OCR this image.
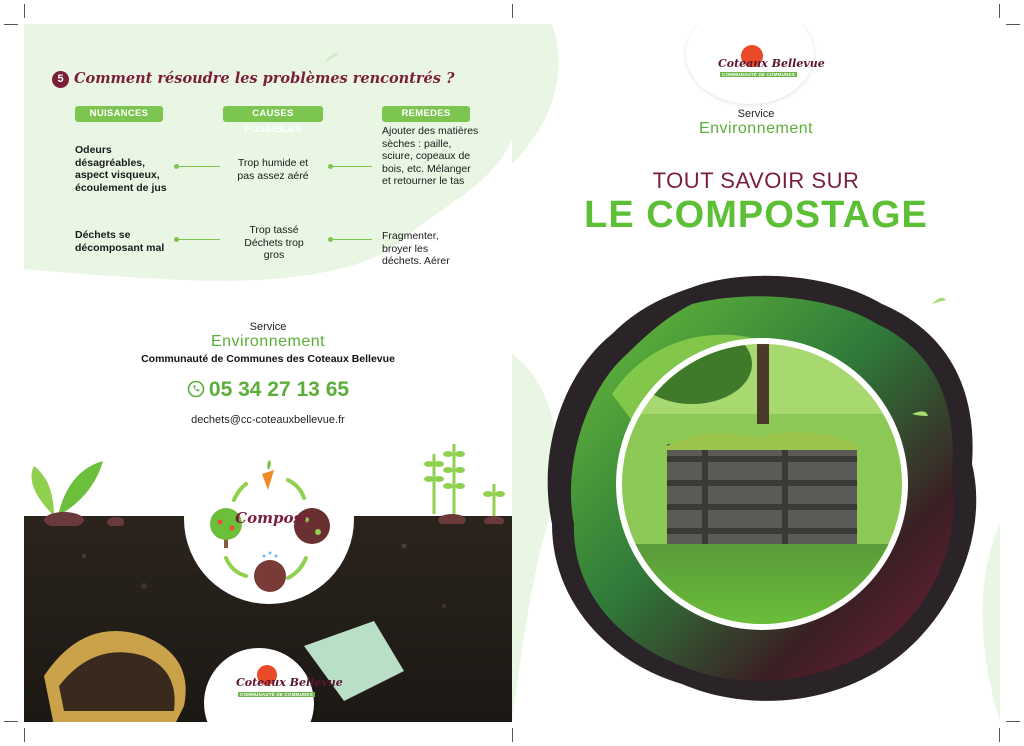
5 Comment résoudre les problèmes rencontrés ?
NUISANCES	CAUSES POSSIBLES
REMEDES
Odeurs désagréables, aspect visqueux, écoulement de jus
Trop humide et pas assez aéré
Ajouter des matières sèches : paille, sciure, copeaux de bois, etc. Mélanger et retourner le tas
Déchets se décomposant mal
Trop tassé Déchets trop gros
Fragmenter, broyer les déchets. Aérer
Service
Environnement
Communauté de Communes des Coteaux Bellevue
05 34 27 13 65
dechets@cc-coteauxbellevue.fr
Compost
Coteaux Bellevue
COMMUNAUTÉ DE COMMUNES
Coteaux Bellevue
COMMUNAUTÉ DE COMMUNES
Service
Environnement
TOUT SAVOIR SUR
LE COMPOSTAGE
